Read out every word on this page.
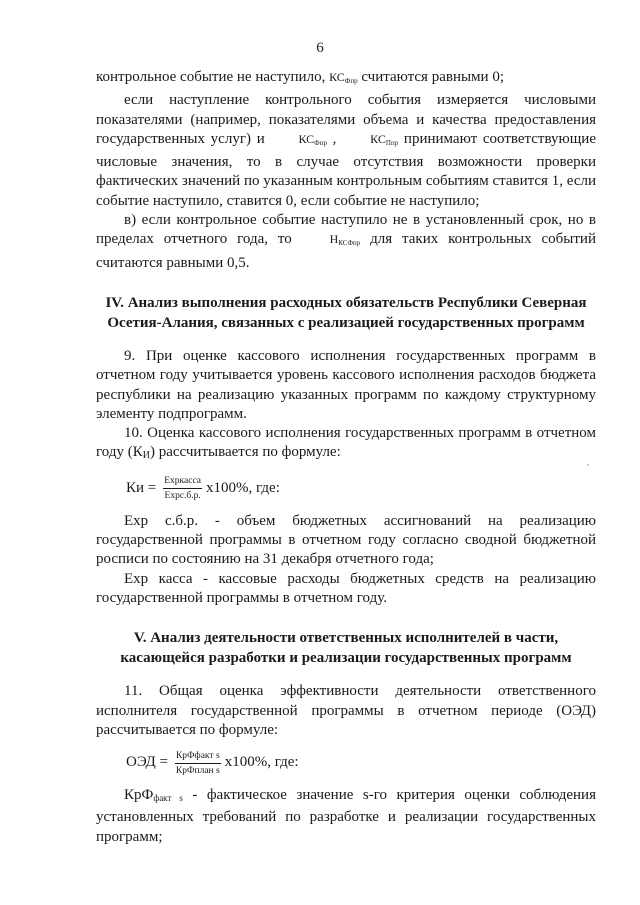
6

контрольное событие не наступило, КСФпр считаются равными 0;

если наступление контрольного события измеряется числовыми показателями (например, показателями объема и качества предоставления государственных услуг) и КСФпр , КСПпр принимают соответствующие числовые значения, то в случае отсутствия возможности проверки фактических значений по указанным контрольным событиям ставится 1, если событие наступило, ставится 0, если событие не наступило;

в) если контрольное событие наступило не в установленный срок, но в пределах отчетного года, то НКСФпр для таких контрольных событий считаются равными 0,5.

IV. Анализ выполнения расходных обязательств Республики Северная Осетия-Алания, связанных с реализацией государственных программ

9. При оценке кассового исполнения государственных программ в отчетном году учитывается уровень кассового исполнения расходов бюджета республики на реализацию указанных программ по каждому структурному элементу подпрограмм.

10. Оценка кассового исполнения государственных программ в отчетном году (КИ) рассчитывается по формуле:

Ки = $\frac{\text{Expкасса}}{\text{Expс.б.р.}} x100\%$, где:

Exp с.б.р. - объем бюджетных ассигнований на реализацию государственной программы в отчетном году согласно сводной бюджетной росписи по состоянию на 31 декабря отчетного года;

Exp касса - кассовые расходы бюджетных средств на реализацию государственной программы в отчетном году.

V. Анализ деятельности ответственных исполнителей в части, касающейся разработки и реализации государственных программ

11. Общая оценка эффективности деятельности ответственного исполнителя государственной программы в отчетном периоде (ОЭД) рассчитывается по формуле:

ОЭД = $\frac{\text{КрФфакт s}}{\text{КрФплан s}} x100\%$, где:

КрФфакт s - фактическое значение s-го критерия оценки соблюдения установленных требований по разработке и реализации государственных программ;
